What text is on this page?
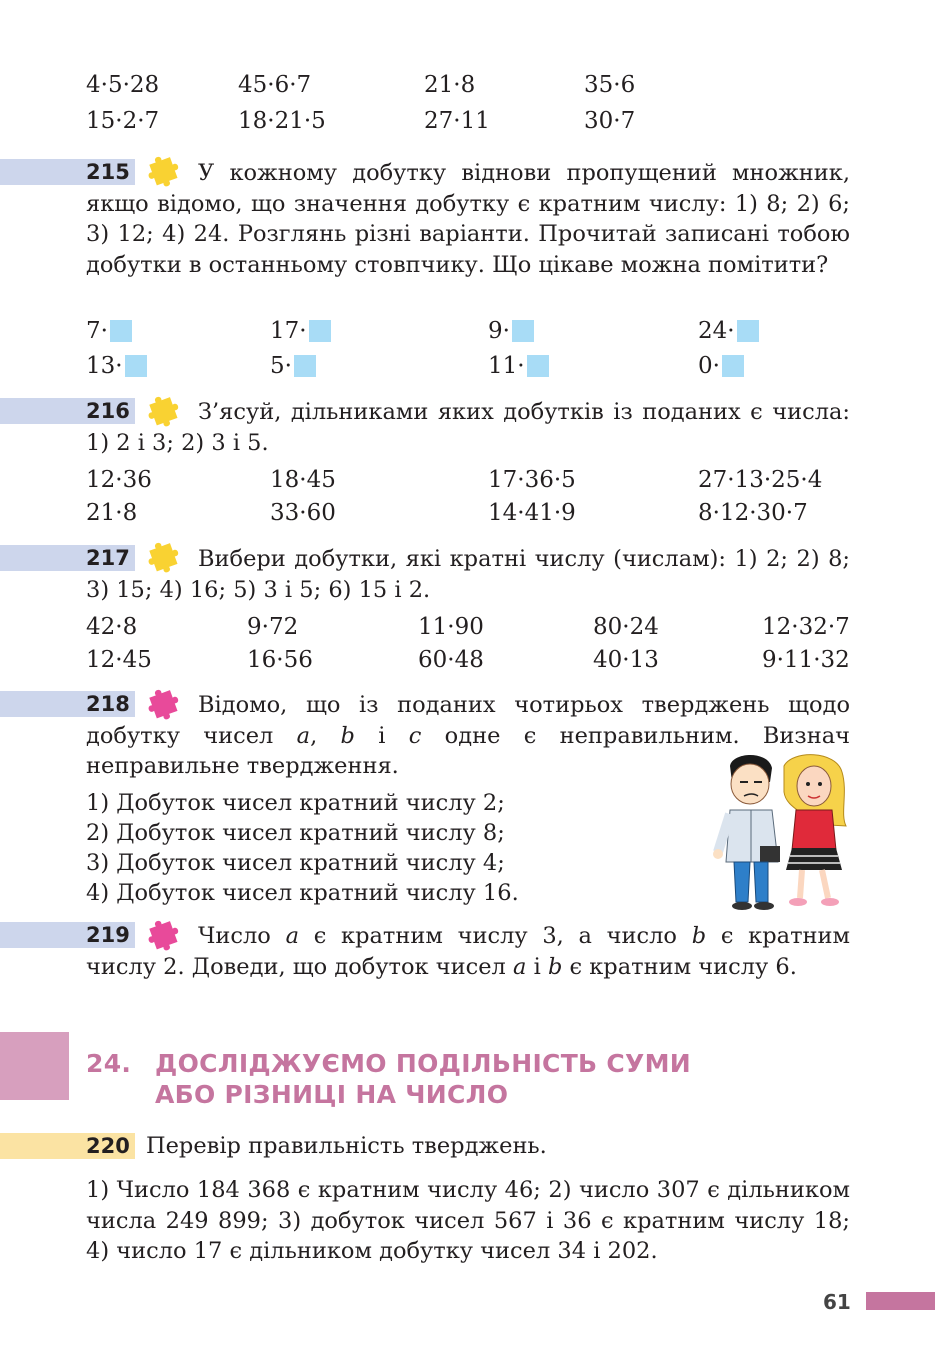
4·5·28	45·6·7	21·8	35·6
15·2·7	18·21·5	27·11	30·7
215	У кожному добутку віднови пропущений множник, якщо відомо, що значення добутку є кратним числу: 1) 8; 2) 6; 3) 12; 4) 24. Розглянь різні варіанти. Прочитай записані тобою добутки в останньому стовпчику. Що цікаве можна помітити?
7·	17·	9·	24·
13·	5·	11·	0·
216	З’ясуй, дільниками яких добутків із поданих є числа: 1) 2 і 3; 2) 3 і 5.
12·36	18·45	17·36·5	27·13·25·4
21·8	33·60	14·41·9	8·12·30·7
217	Вибери добутки, які кратні числу (числам): 1) 2; 2) 8; 3) 15; 4) 16; 5) 3 і 5; 6) 15 і 2.
42·8	9·72	11·90	80·24	12·32·7
12·45	16·56	60·48	40·13	9·11·32
218	Відомо, що із поданих чотирьох тверджень щодо добутку чисел a, b і c одне є неправильним. Визнач неправильне твердження.
1) Добуток чисел кратний числу 2;
2) Добуток чисел кратний числу 8;
3) Добуток чисел кратний числу 4;
4) Добуток чисел кратний числу 16.
219	Число a є кратним числу 3, а число b є кратним числу 2. Доведи, що добуток чисел a і b є кратним числу 6.
24. ДОСЛІДЖУЄМО ПОДІЛЬНІСТЬ СУМИ
АБО РІЗНИЦІ НА ЧИСЛО
220 Перевір правильність тверджень.
1) Число 184 368 є кратним числу 46; 2) число 307 є дільником числа 249 899; 3) добуток чисел 567 і 36 є кратним числу 18; 4) число 17 є дільником добутку чисел 34 і 202.
61
